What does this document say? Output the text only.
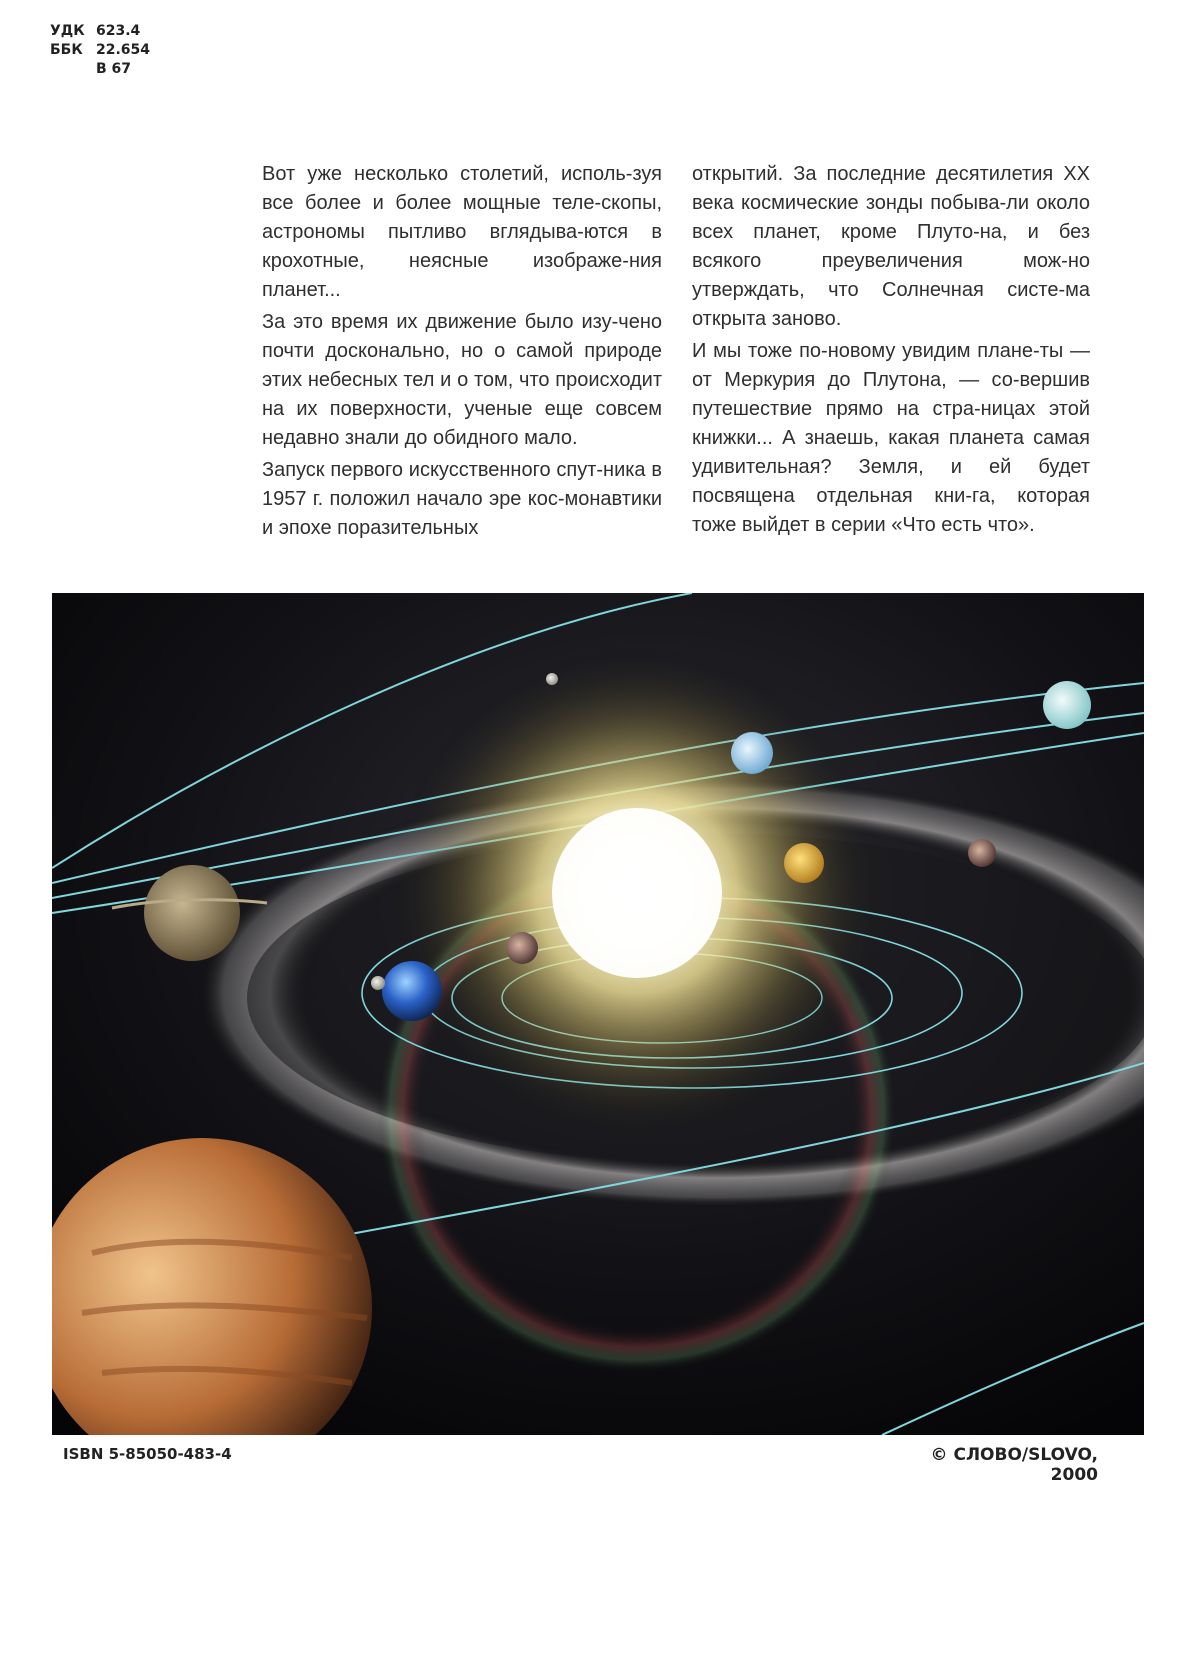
УДК 623.4
ББК 22.654
В 67

Вот уже несколько столетий, исполь-зуя все более и более мощные теле-скопы, астрономы пытливо вглядыва-ются в крохотные, неясные изображе-ния планет...

За это время их движение было изу-чено почти досконально, но о самой природе этих небесных тел и о том, что происходит на их поверхности, ученые еще совсем недавно знали до обидного мало.

Запуск первого искусственного спут-ника в 1957 г. положил начало эре кос-монавтики и эпохе поразительных

открытий. За последние десятилетия XX века космические зонды побыва-ли около всех планет, кроме Плуто-на, и без всякого преувеличения мож-но утверждать, что Солнечная систе-ма открыта заново.

И мы тоже по-новому увидим плане-ты — от Меркурия до Плутона, — со-вершив путешествие прямо на стра-ницах этой книжки... А знаешь, какая планета самая удивительная? Земля, и ей будет посвящена отдельная кни-га, которая тоже выйдет в серии «Что есть что».

ISBN 5-85050-483-4	© СЛОВО/SLOVO, 2000
